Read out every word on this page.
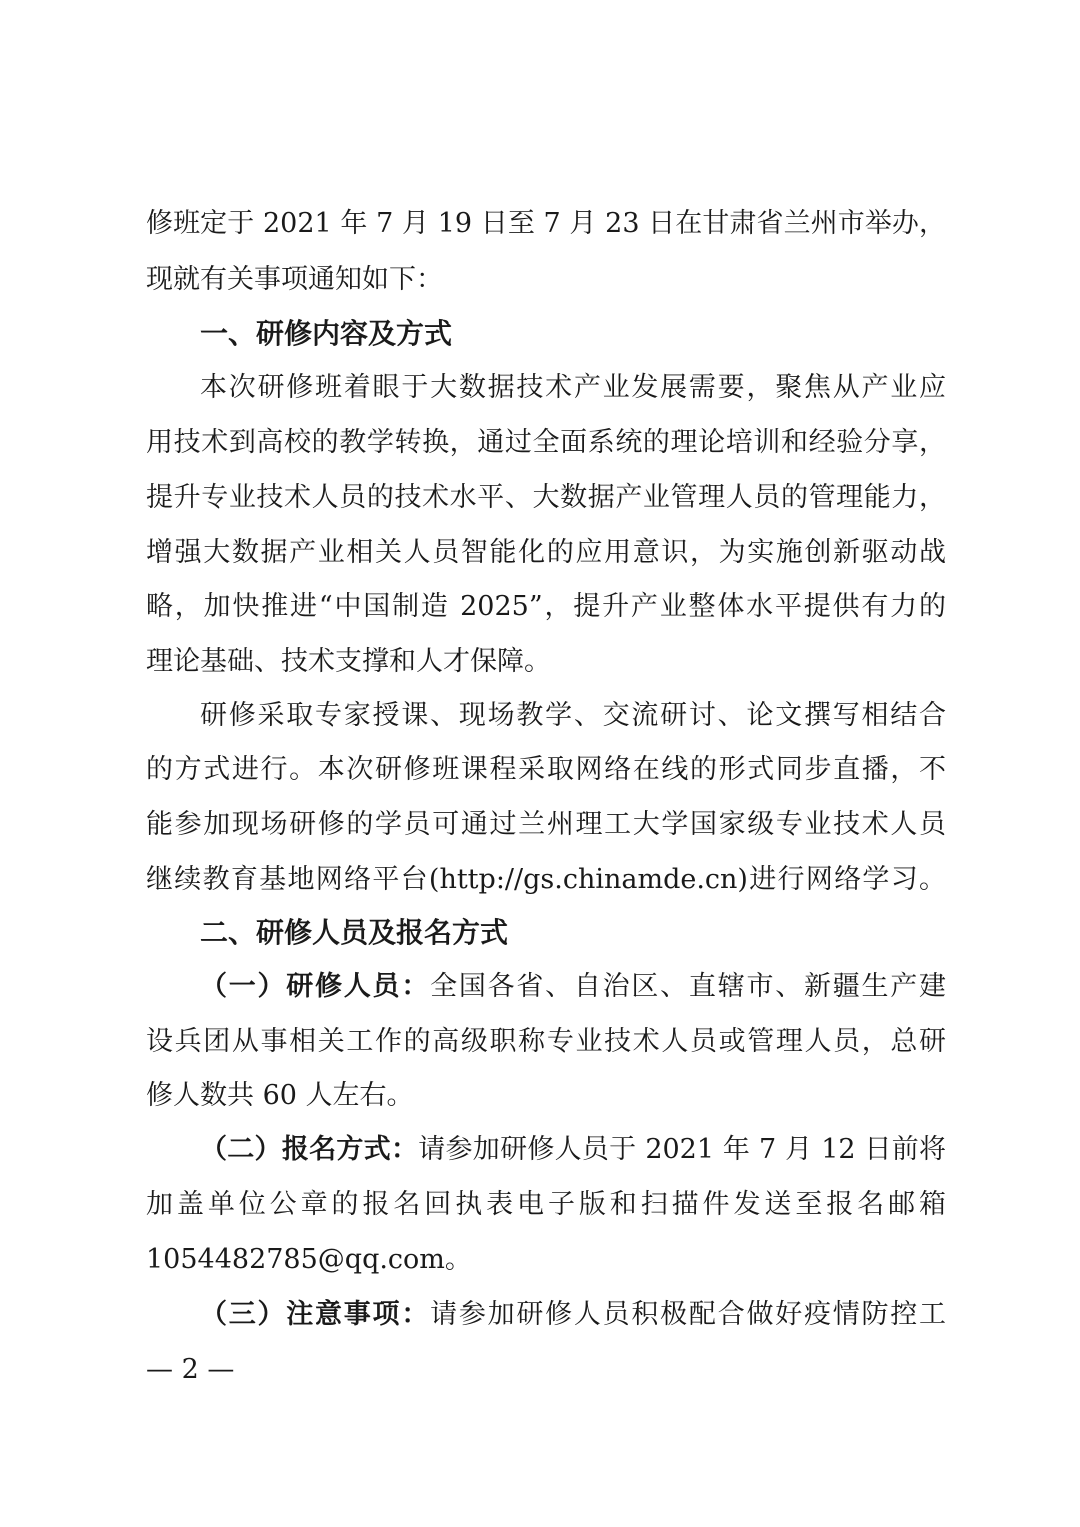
修班定于 2021 年 7 月 19 日至 7 月 23 日在甘肃省兰州市举办，
现就有关事项通知如下：
一、研修内容及方式
本次研修班着眼于大数据技术产业发展需要，聚焦从产业应
用技术到高校的教学转换，通过全面系统的理论培训和经验分享，
提升专业技术人员的技术水平、大数据产业管理人员的管理能力，
增强大数据产业相关人员智能化的应用意识，为实施创新驱动战
略，加快推进“中国制造 2025”，提升产业整体水平提供有力的
理论基础、技术支撑和人才保障。
研修采取专家授课、现场教学、交流研讨、论文撰写相结合
的方式进行。本次研修班课程采取网络在线的形式同步直播，不
能参加现场研修的学员可通过兰州理工大学国家级专业技术人员
继续教育基地网络平台(http://gs.chinamde.cn)进行网络学习。
二、研修人员及报名方式
（一）研修人员：全国各省、自治区、直辖市、新疆生产建
设兵团从事相关工作的高级职称专业技术人员或管理人员，总研
修人数共 60 人左右。
（二）报名方式：请参加研修人员于 2021 年 7 月 12 日前将
加盖单位公章的报名回执表电子版和扫描件发送至报名邮箱
1054482785@qq.com。
（三）注意事项：请参加研修人员积极配合做好疫情防控工
— 2 —
